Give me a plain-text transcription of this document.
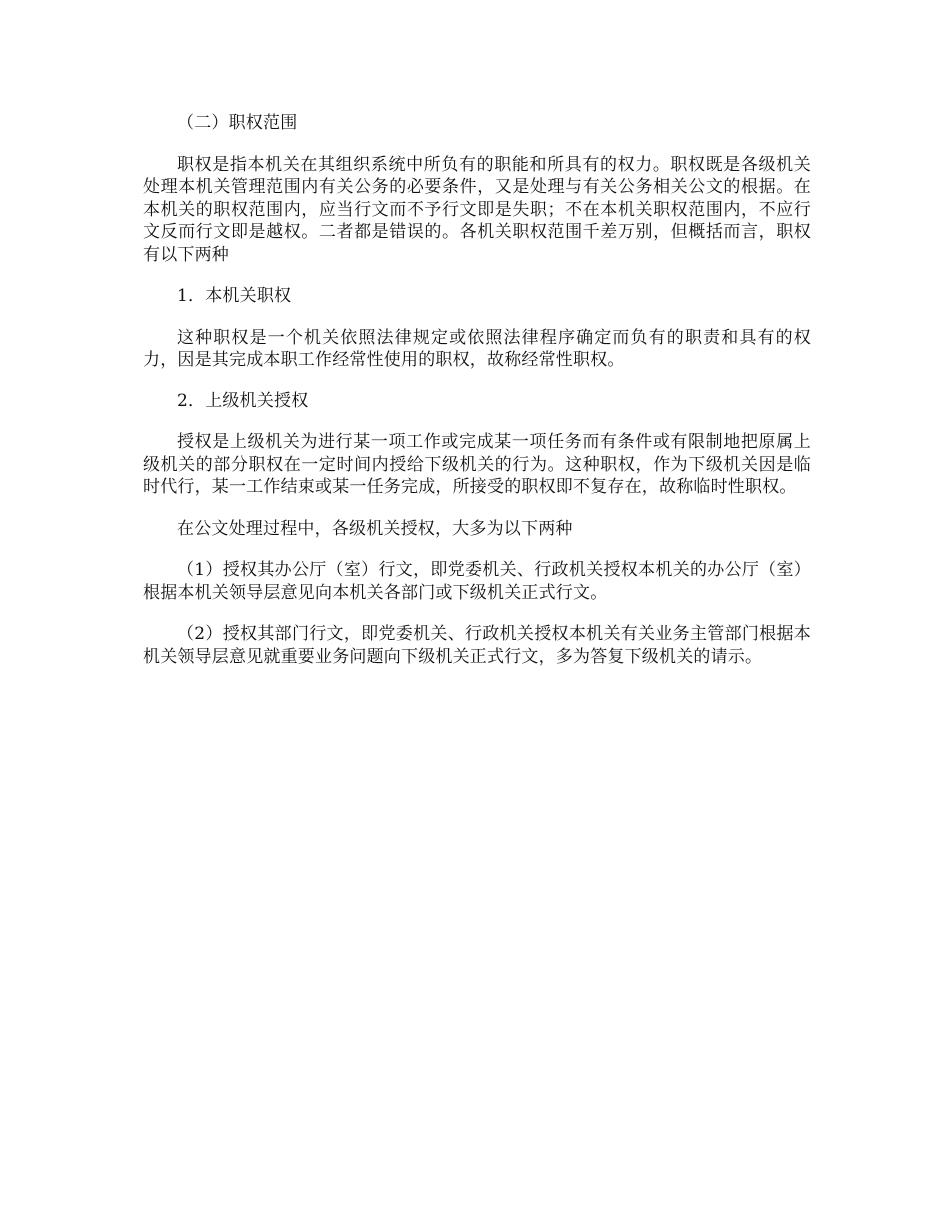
（二）职权范围

职权是指本机关在其组织系统中所负有的职能和所具有的权力。职权既是各级机关处理本机关管理范围内有关公务的必要条件，又是处理与有关公务相关公文的根据。在本机关的职权范围内，应当行文而不予行文即是失职；不在本机关职权范围内，不应行文反而行文即是越权。二者都是错误的。各机关职权范围千差万别，但概括而言，职权有以下两种

1．本机关职权

这种职权是一个机关依照法律规定或依照法律程序确定而负有的职责和具有的权力，因是其完成本职工作经常性使用的职权，故称经常性职权。

2．上级机关授权

授权是上级机关为进行某一项工作或完成某一项任务而有条件或有限制地把原属上级机关的部分职权在一定时间内授给下级机关的行为。这种职权，作为下级机关因是临时代行，某一工作结束或某一任务完成，所接受的职权即不复存在，故称临时性职权。

在公文处理过程中，各级机关授权，大多为以下两种

（1）授权其办公厅（室）行文，即党委机关、行政机关授权本机关的办公厅（室）根据本机关领导层意见向本机关各部门或下级机关正式行文。

（2）授权其部门行文，即党委机关、行政机关授权本机关有关业务主管部门根据本机关领导层意见就重要业务问题向下级机关正式行文，多为答复下级机关的请示。
